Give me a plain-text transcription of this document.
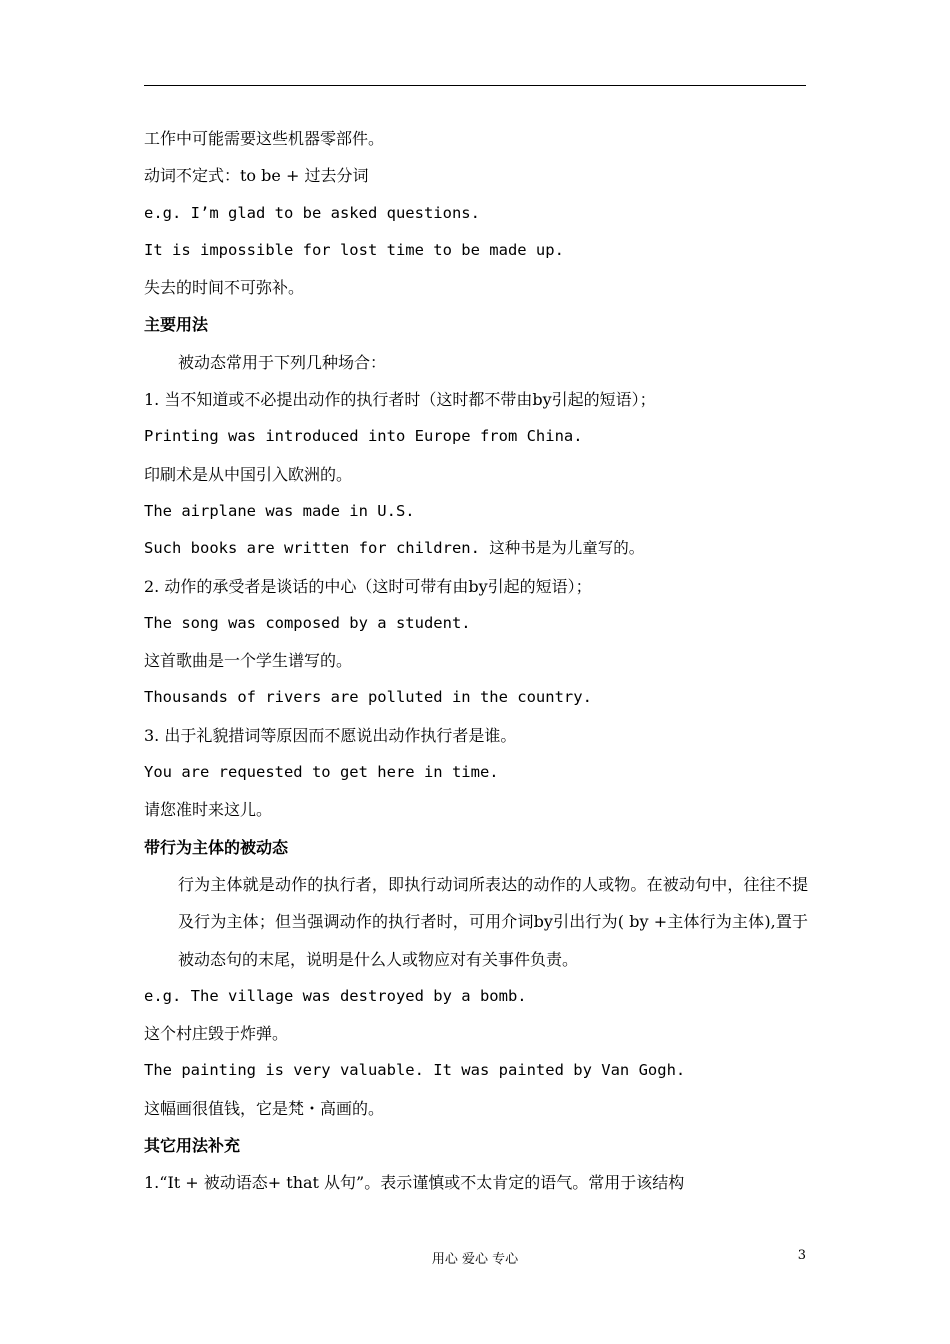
工作中可能需要这些机器零部件。
动词不定式：to be + 过去分词
e.g. I’m glad to be asked questions.
It is impossible for lost time to be made up.
失去的时间不可弥补。
主要用法
被动态常用于下列几种场合：
1. 当不知道或不必提出动作的执行者时（这时都不带由by引起的短语）；
Printing was introduced into Europe from China.
印刷术是从中国引入欧洲的。
The airplane was made in U.S.
Such books are written for children. 这种书是为儿童写的。
2. 动作的承受者是谈话的中心（这时可带有由by引起的短语）；
The song was composed by a student.
这首歌曲是一个学生谱写的。
Thousands of rivers are polluted in the country.
3. 出于礼貌措词等原因而不愿说出动作执行者是谁。
You are requested to get here in time.
请您准时来这儿。
带行为主体的被动态
行为主体就是动作的执行者，即执行动词所表达的动作的人或物。在被动句中，往往不提及行为主体；但当强调动作的执行者时，可用介词by引出行为( by +主体行为主体),置于被动态句的末尾，说明是什么人或物应对有关事件负责。
e.g. The village was destroyed by a bomb.
这个村庄毁于炸弹。
The painting is very valuable. It was painted by Van Gogh.
这幅画很值钱，它是梵・高画的。
其它用法补充
1.“It + 被动语态+ that 从句”。表示谨慎或不太肯定的语气。常用于该结构
用心 爱心 专心	3
